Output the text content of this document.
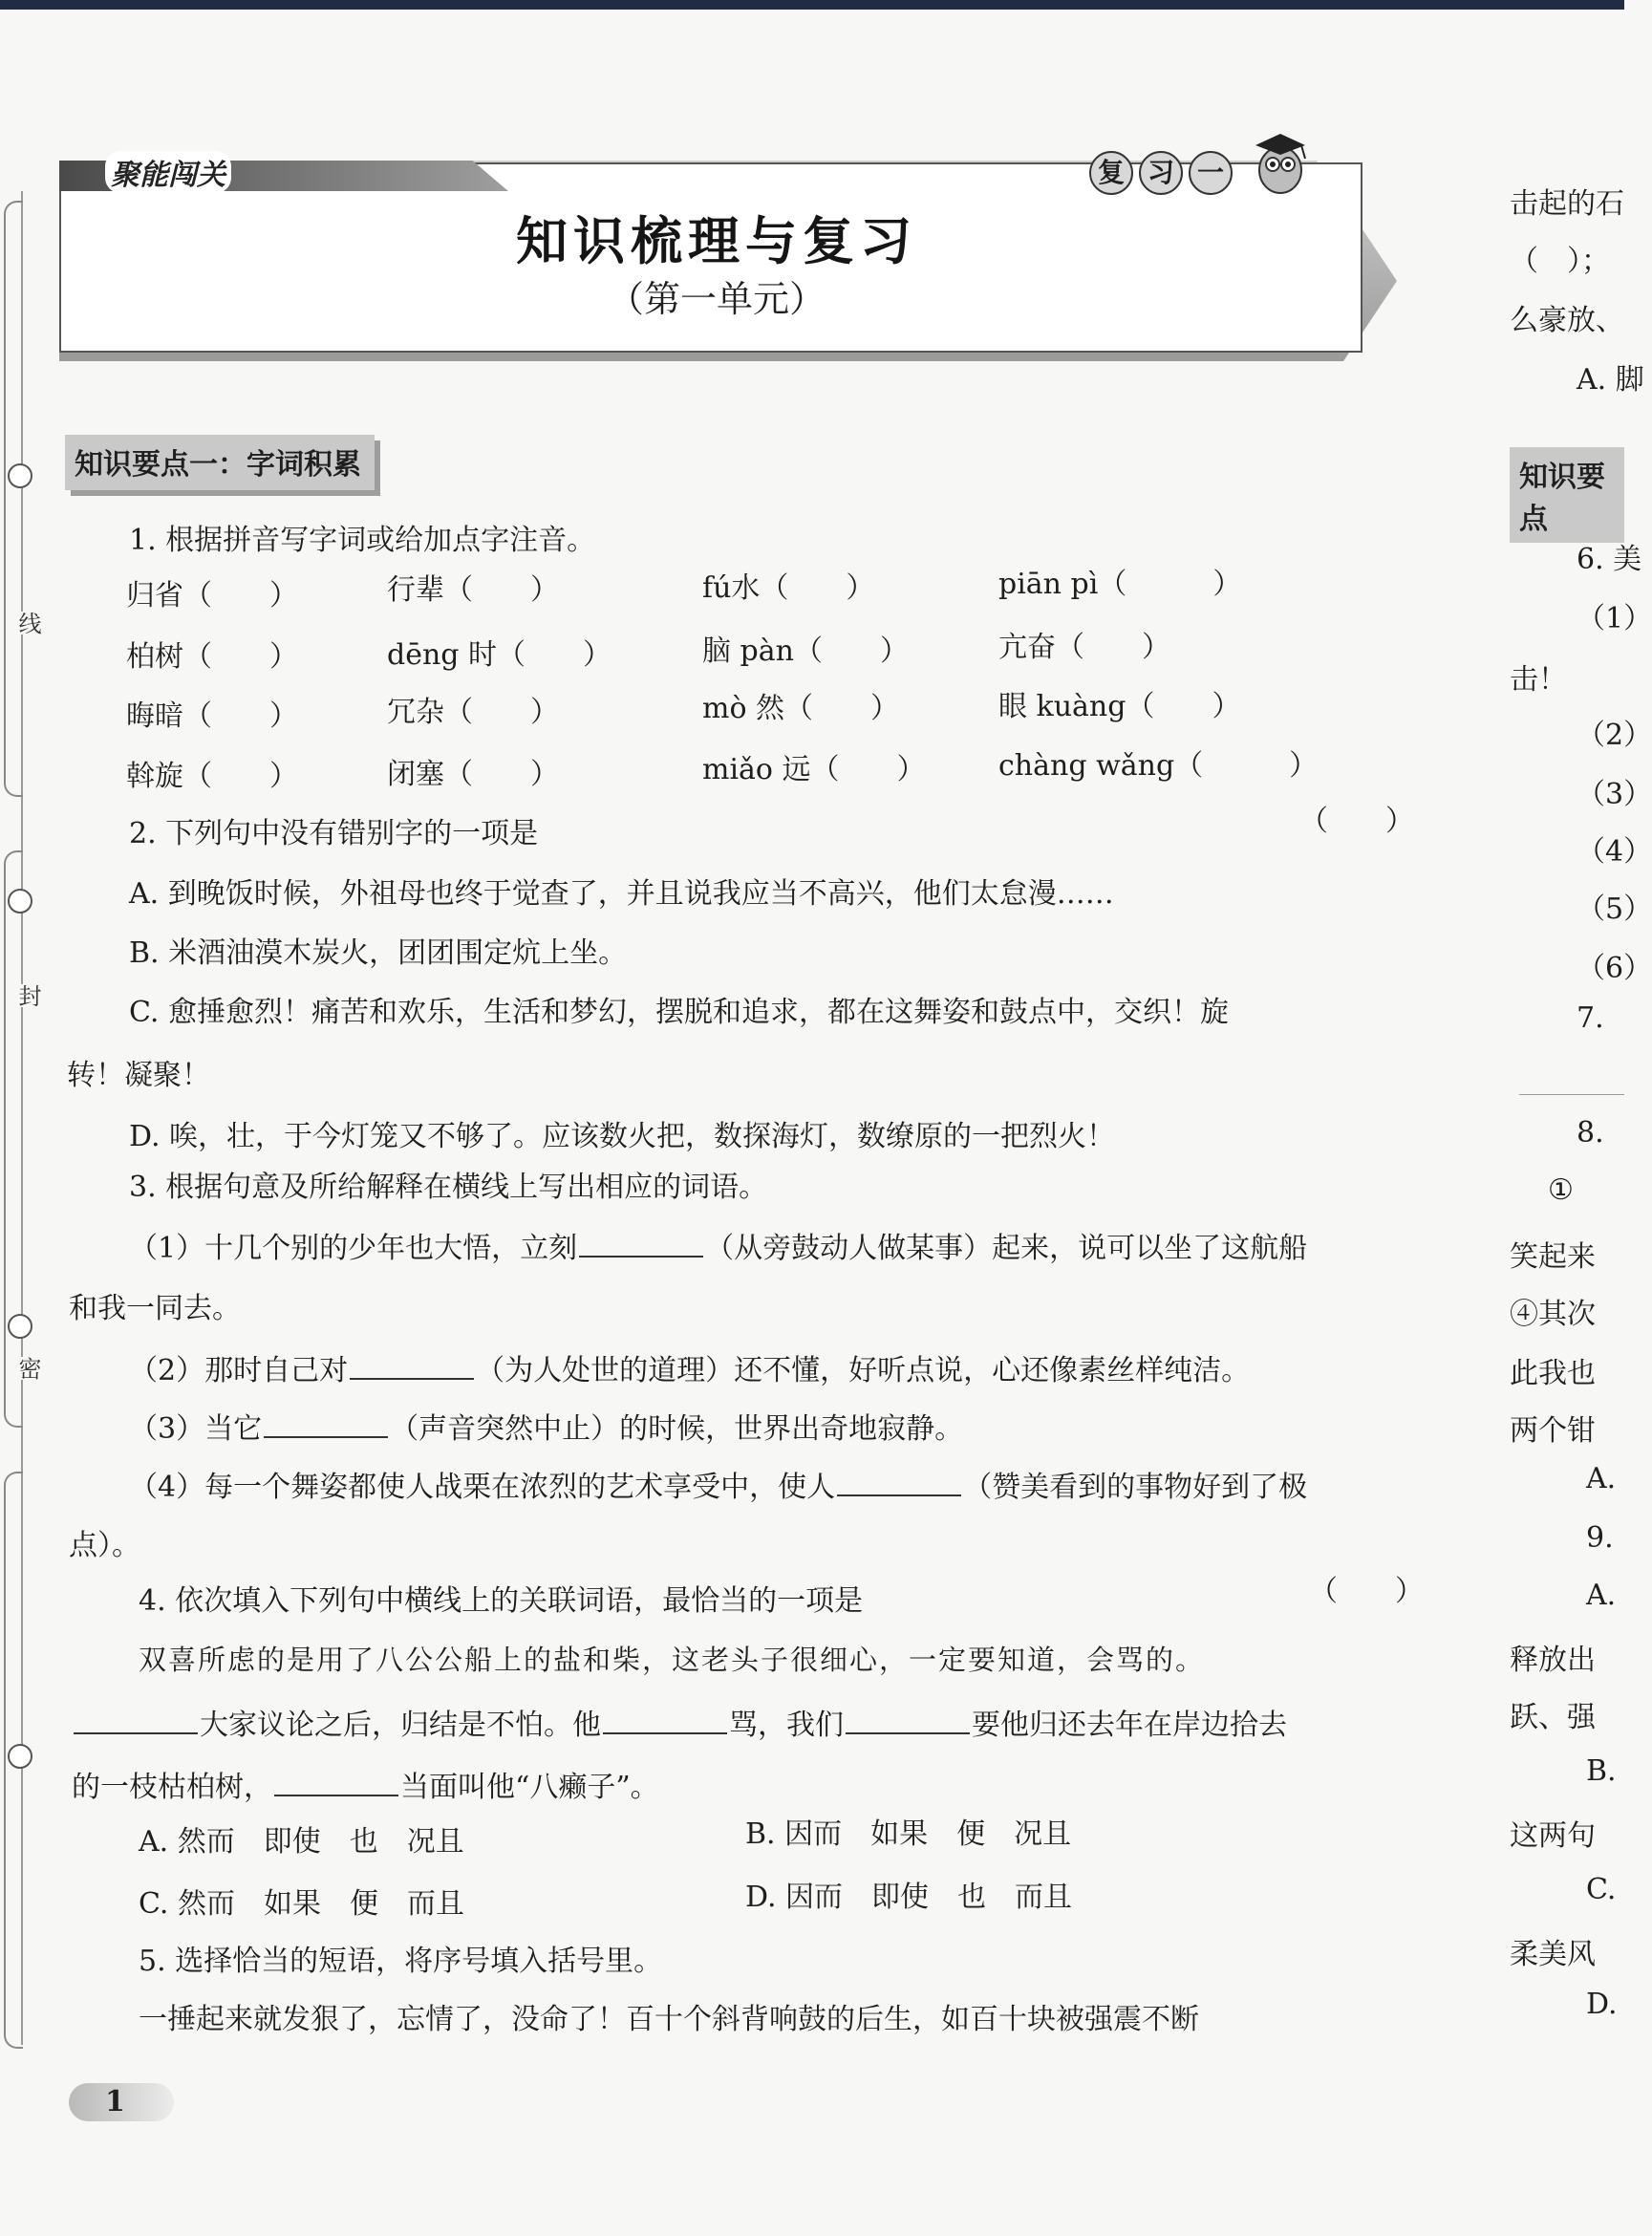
线
封
密
聚能闯关	复 习 一
知识梳理与复习
（第一单元）
知识要点一：字词积累
1. 根据拼音写字词或给加点字注音。
归省（　　）	行辈（　　）	fú水（　　）	piān pì（　　　）
柏树（　　）	dēng 时（　　）	脑 pàn（　　）	亢奋（　　）
晦暗（　　）	冗杂（　　）	mò 然（　　）	眼 kuàng（　　）
斡旋（　　）	闭塞（　　）	miǎo 远（　　）	chàng wǎng（　　　）
2. 下列句中没有错别字的一项是	（　　）
A. 到晚饭时候，外祖母也终于觉查了，并且说我应当不高兴，他们太怠漫……
B. 米酒油漠木炭火，团团围定炕上坐。
C. 愈捶愈烈！痛苦和欢乐，生活和梦幻，摆脱和追求，都在这舞姿和鼓点中，交织！旋
转！凝聚！
D. 唉，壮，于今灯笼又不够了。应该数火把，数探海灯，数缭原的一把烈火！
3. 根据句意及所给解释在横线上写出相应的词语。
（1）十几个别的少年也大悟，立刻	（从旁鼓动人做某事）起来，说可以坐了这航船
和我一同去。
（2）那时自己对	（为人处世的道理）还不懂，好听点说，心还像素丝样纯洁。
（3）当它	（声音突然中止）的时候，世界出奇地寂静。
（4）每一个舞姿都使人战栗在浓烈的艺术享受中，使人	（赞美看到的事物好到了极
点）。
4. 依次填入下列句中横线上的关联词语，最恰当的一项是	（　　）
双喜所虑的是用了八公公船上的盐和柴，这老头子很细心，一定要知道，会骂的。
大家议论之后，归结是不怕。他	骂，我们	要他归还去年在岸边拾去
的一枝枯柏树，	当面叫他“八癞子”。
A. 然而　即使　也　况且	B. 因而　如果　便　况且
C. 然而　如果　便　而且	D. 因而　即使　也　而且
5. 选择恰当的短语，将序号填入括号里。
一捶起来就发狠了，忘情了，没命了！百十个斜背响鼓的后生，如百十块被强震不断
1
击起的石
（　）；
么豪放、
A. 脚
知识要点
6. 美
（1）
击！
（2）
（3）
（4）
（5）
（6）
7.
8.
①
笑起来
④其次
此我也
两个钳
A.
9.
A.
释放出
跃、强
B.
这两句
C.
柔美风
D.
